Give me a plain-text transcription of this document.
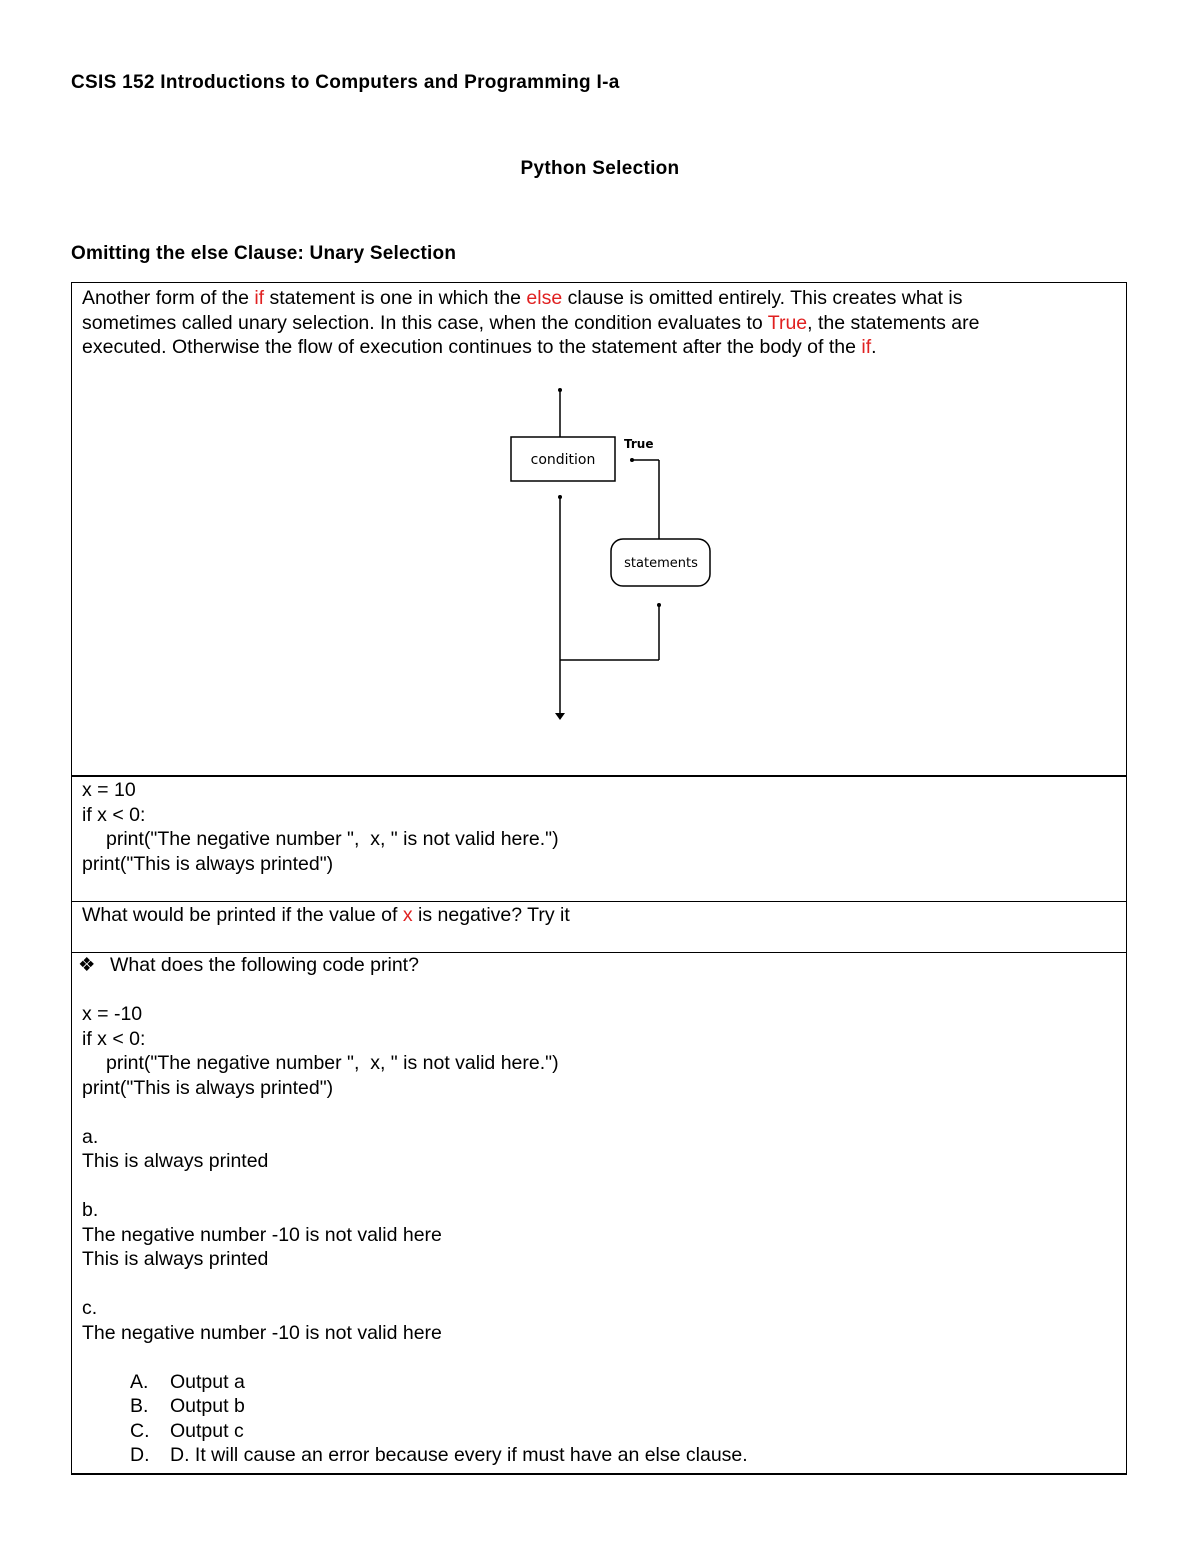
CSIS 152 Introductions to Computers and Programming I-a
Python Selection
Omitting the else Clause: Unary Selection
Another form of the if statement is one in which the else clause is omitted entirely. This creates what is
sometimes called unary selection. In this case, when the condition evaluates to True, the statements are
executed. Otherwise the flow of execution continues to the statement after the body of the if.
condition
True
statements
x = 10
if x < 0:
print("The negative number ",  x, " is not valid here.")
print("This is always printed")
What would be printed if the value of x is negative? Try it
❖ What does the following code print?
x = -10
if x < 0:
print("The negative number ",  x, " is not valid here.")
print("This is always printed")
a.
This is always printed
b.
The negative number -10 is not valid here
This is always printed
c.
The negative number -10 is not valid here
A. Output a
B. Output b
C. Output c
D. D. It will cause an error because every if must have an else clause.
